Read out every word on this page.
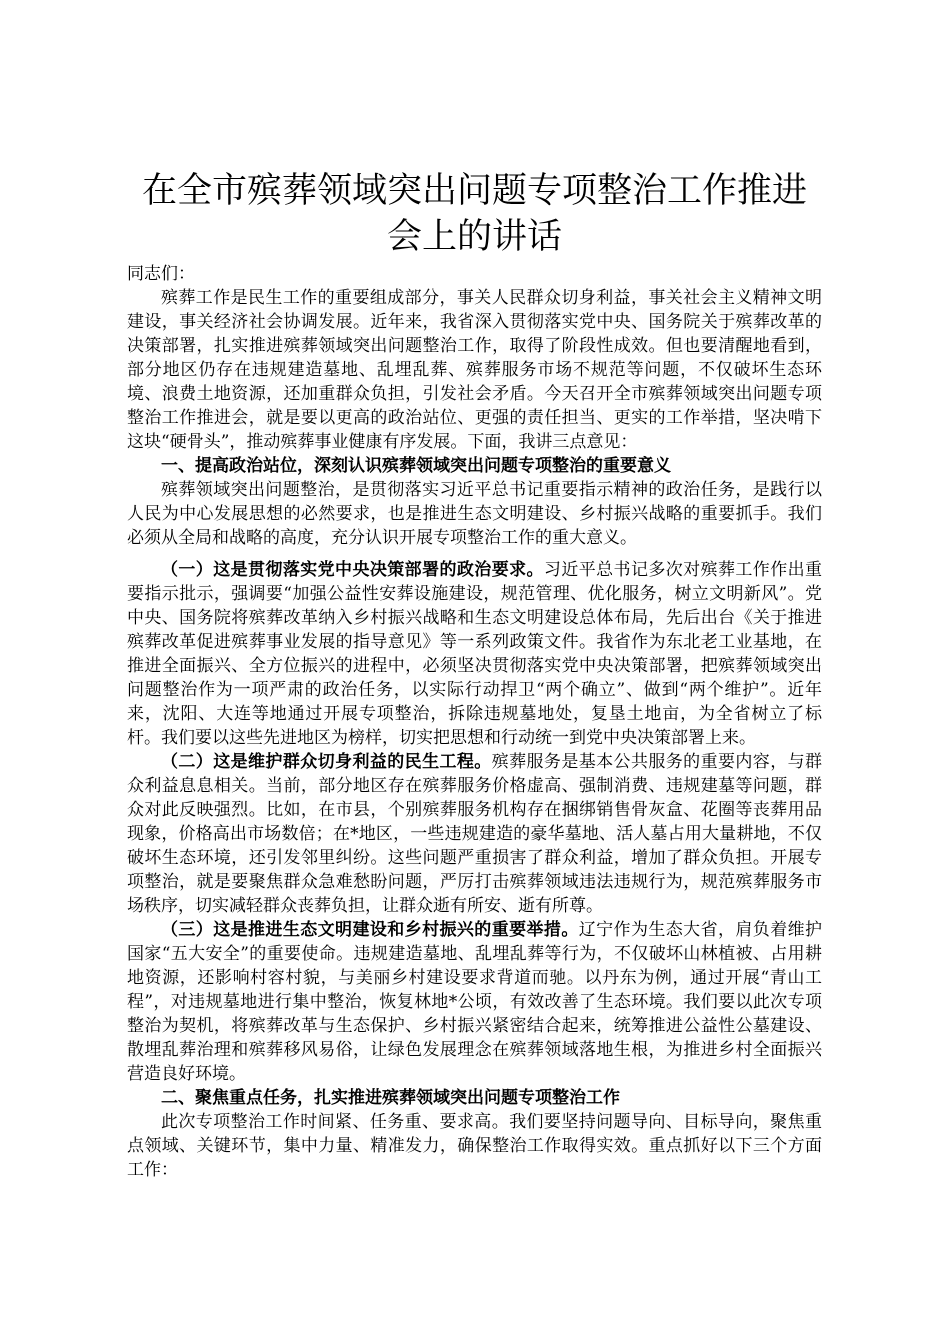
在全市殡葬领域突出问题专项整治工作推进会上的讲话

同志们：

殡葬工作是民生工作的重要组成部分，事关人民群众切身利益，事关社会主义精神文明建设，事关经济社会协调发展。近年来，我省深入贯彻落实党中央、国务院关于殡葬改革的决策部署，扎实推进殡葬领域突出问题整治工作，取得了阶段性成效。但也要清醒地看到，部分地区仍存在违规建造墓地、乱埋乱葬、殡葬服务市场不规范等问题，不仅破坏生态环境、浪费土地资源，还加重群众负担，引发社会矛盾。今天召开全市殡葬领域突出问题专项整治工作推进会，就是要以更高的政治站位、更强的责任担当、更实的工作举措，坚决啃下这块“硬骨头”，推动殡葬事业健康有序发展。下面，我讲三点意见：

一、提高政治站位，深刻认识殡葬领域突出问题专项整治的重要意义

殡葬领域突出问题整治，是贯彻落实习近平总书记重要指示精神的政治任务，是践行以人民为中心发展思想的必然要求，也是推进生态文明建设、乡村振兴战略的重要抓手。我们必须从全局和战略的高度，充分认识开展专项整治工作的重大意义。

（一）这是贯彻落实党中央决策部署的政治要求。习近平总书记多次对殡葬工作作出重要指示批示，强调要“加强公益性安葬设施建设，规范管理、优化服务，树立文明新风”。党中央、国务院将殡葬改革纳入乡村振兴战略和生态文明建设总体布局，先后出台《关于推进殡葬改革促进殡葬事业发展的指导意见》等一系列政策文件。我省作为东北老工业基地，在推进全面振兴、全方位振兴的进程中，必须坚决贯彻落实党中央决策部署，把殡葬领域突出问题整治作为一项严肃的政治任务，以实际行动捍卫“两个确立”、做到“两个维护”。近年来，沈阳、大连等地通过开展专项整治，拆除违规墓地处，复垦土地亩，为全省树立了标杆。我们要以这些先进地区为榜样，切实把思想和行动统一到党中央决策部署上来。

（二）这是维护群众切身利益的民生工程。殡葬服务是基本公共服务的重要内容，与群众利益息息相关。当前，部分地区存在殡葬服务价格虚高、强制消费、违规建墓等问题，群众对此反映强烈。比如，在市县，个别殡葬服务机构存在捆绑销售骨灰盒、花圈等丧葬用品现象，价格高出市场数倍；在*地区，一些违规建造的豪华墓地、活人墓占用大量耕地，不仅破坏生态环境，还引发邻里纠纷。这些问题严重损害了群众利益，增加了群众负担。开展专项整治，就是要聚焦群众急难愁盼问题，严厉打击殡葬领域违法违规行为，规范殡葬服务市场秩序，切实减轻群众丧葬负担，让群众逝有所安、逝有所尊。

（三）这是推进生态文明建设和乡村振兴的重要举措。辽宁作为生态大省，肩负着维护国家“五大安全”的重要使命。违规建造墓地、乱埋乱葬等行为，不仅破坏山林植被、占用耕地资源，还影响村容村貌，与美丽乡村建设要求背道而驰。以丹东为例，通过开展“青山工程”，对违规墓地进行集中整治，恢复林地*公顷，有效改善了生态环境。我们要以此次专项整治为契机，将殡葬改革与生态保护、乡村振兴紧密结合起来，统筹推进公益性公墓建设、散埋乱葬治理和殡葬移风易俗，让绿色发展理念在殡葬领域落地生根，为推进乡村全面振兴营造良好环境。

二、聚焦重点任务，扎实推进殡葬领域突出问题专项整治工作

此次专项整治工作时间紧、任务重、要求高。我们要坚持问题导向、目标导向，聚焦重点领域、关键环节，集中力量、精准发力，确保整治工作取得实效。重点抓好以下三个方面工作：
